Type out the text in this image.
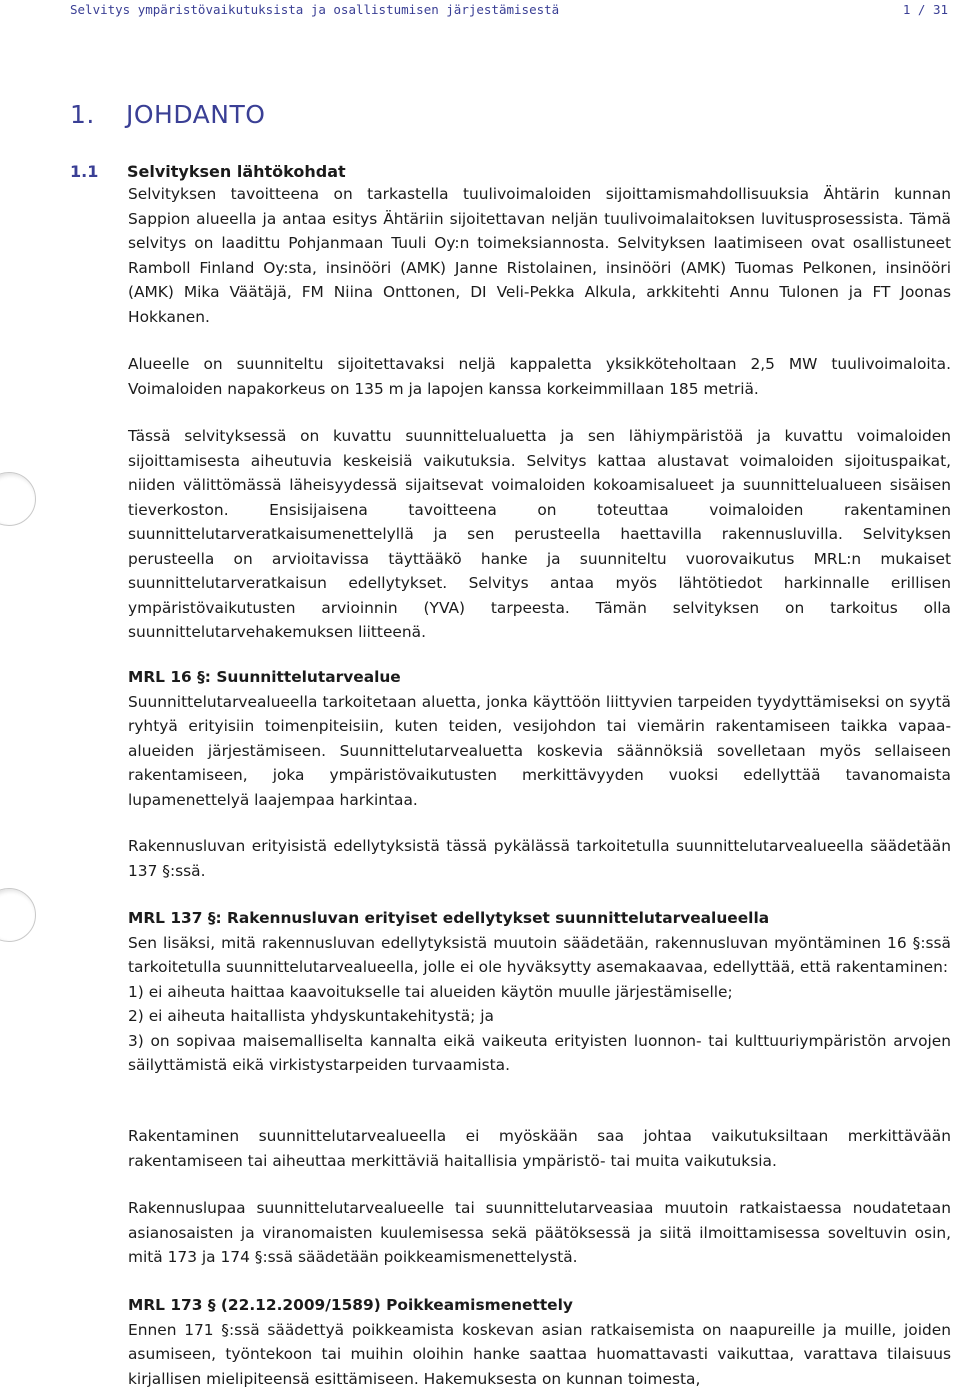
Selvitys ympäristövaikutuksista ja osallistumisen järjestämisestä	1 / 31
1. JOHDANTO
1.1 Selvityksen lähtökohdat

Selvityksen tavoitteena on tarkastella tuulivoimaloiden sijoittamismahdollisuuksia Ähtärin kunnan Sappion alueella ja antaa esitys Ähtäriin sijoitettavan neljän tuulivoimalaitoksen luvitusprosessista. Tämä selvitys on laadittu Pohjanmaan Tuuli Oy:n toimeksiannosta. Selvityksen laatimiseen ovat osallistuneet Ramboll Finland Oy:sta, insinööri (AMK) Janne Ristolainen, insinööri (AMK) Tuomas Pelkonen, insinööri (AMK) Mika Väätäjä, FM Niina Onttonen, DI Veli-Pekka Alkula, arkkitehti Annu Tulonen ja FT Joonas Hokkanen.

Alueelle on suunniteltu sijoitettavaksi neljä kappaletta yksikköteholtaan 2,5 MW tuulivoimaloita. Voimaloiden napakorkeus on 135 m ja lapojen kanssa korkeimmillaan 185 metriä.

Tässä selvityksessä on kuvattu suunnittelualuetta ja sen lähiympäristöä ja kuvattu voimaloiden sijoittamisesta aiheutuvia keskeisiä vaikutuksia. Selvitys kattaa alustavat voimaloiden sijoituspaikat, niiden välittömässä läheisyydessä sijaitsevat voimaloiden kokoamisalueet ja suunnittelualueen sisäisen tieverkoston. Ensisijaisena tavoitteena on toteuttaa voimaloiden rakentaminen suunnittelutarveratkaisumenettelyllä ja sen perusteella haettavilla rakennusluvilla. Selvityksen perusteella on arvioitavissa täyttääkö hanke ja suunniteltu vuorovaikutus MRL:n mukaiset suunnittelutarveratkaisun edellytykset. Selvitys antaa myös lähtötiedot harkinnalle erillisen ympäristövaikutusten arvioinnin (YVA) tarpeesta. Tämän selvityksen on tarkoitus olla suunnittelutarvehakemuksen liitteenä.

MRL 16 §: Suunnittelutarvealue

Suunnittelutarvealueella tarkoitetaan aluetta, jonka käyttöön liittyvien tarpeiden tyydyttämiseksi on syytä ryhtyä erityisiin toimenpiteisiin, kuten teiden, vesijohdon tai viemärin rakentamiseen taikka vapaa-alueiden järjestämiseen. Suunnittelutarvealuetta koskevia säännöksiä sovelletaan myös sellaiseen rakentamiseen, joka ympäristövaikutusten merkittävyyden vuoksi edellyttää tavanomaista lupamenettelyä laajempaa harkintaa.

Rakennusluvan erityisistä edellytyksistä tässä pykälässä tarkoitetulla suunnittelutarvealueella säädetään 137 §:ssä.

MRL 137 §: Rakennusluvan erityiset edellytykset suunnittelutarvealueella

Sen lisäksi, mitä rakennusluvan edellytyksistä muutoin säädetään, rakennusluvan myöntäminen 16 §:ssä tarkoitetulla suunnittelutarvealueella, jolle ei ole hyväksytty asemakaavaa, edellyttää, että rakentaminen:

1) ei aiheuta haittaa kaavoitukselle tai alueiden käytön muulle järjestämiselle;
2) ei aiheuta haitallista yhdyskuntakehitystä; ja

3) on sopivaa maisemalliselta kannalta eikä vaikeuta erityisten luonnon- tai kulttuuriympäristön arvojen säilyttämistä eikä virkistystarpeiden turvaamista.

Rakentaminen suunnittelutarvealueella ei myöskään saa johtaa vaikutuksiltaan merkittävään rakentamiseen tai aiheuttaa merkittäviä haitallisia ympäristö- tai muita vaikutuksia.

Rakennuslupaa suunnittelutarvealueelle tai suunnittelutarveasiaa muutoin ratkaistaessa noudatetaan asianosaisten ja viranomaisten kuulemisessa sekä päätöksessä ja siitä ilmoittamisessa soveltuvin osin, mitä 173 ja 174 §:ssä säädetään poikkeamismenettelystä.

MRL 173 § (22.12.2009/1589) Poikkeamismenettely

Ennen 171 §:ssä säädettyä poikkeamista koskevan asian ratkaisemista on naapureille ja muille, joiden asumiseen, työntekoon tai muihin oloihin hanke saattaa huomattavasti vaikuttaa, varattava tilaisuus kirjallisen mielipiteensä esittämiseen. Hakemuksesta on kunnan toimesta,
